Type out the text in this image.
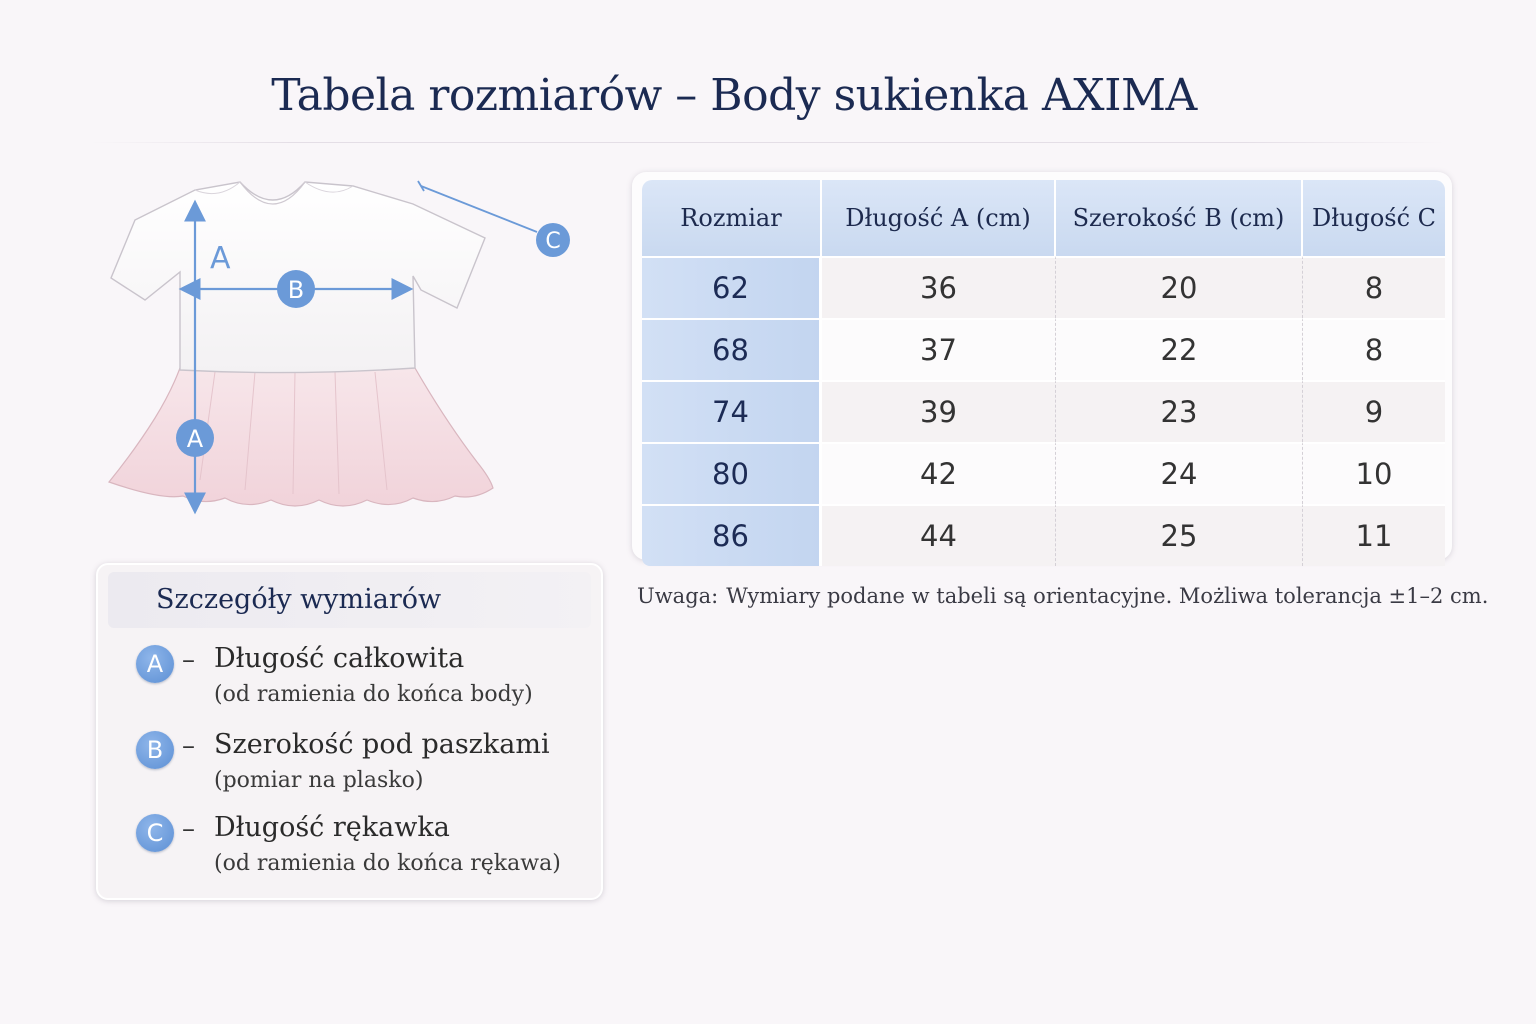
Tabela rozmiarów – Body sukienka AXIMA
A
A
B
C
Rozmiar	Długość A (cm)	Szerokość B (cm)	Długość C
62	36	20	8
68	37	22	8
74	39	23	9
80	42	24	10
86	44	25	11
Uwaga: Wymiary podane w tabeli są orientacyjne. Możliwa tolerancja ±1–2 cm.
Szczegóły wymiarów
A – Długość całkowita
(od ramienia do końca body)
B – Szerokość pod paszkami
(pomiar na plasko)
C – Długość rękawka
(od ramienia do końca rękawa)
